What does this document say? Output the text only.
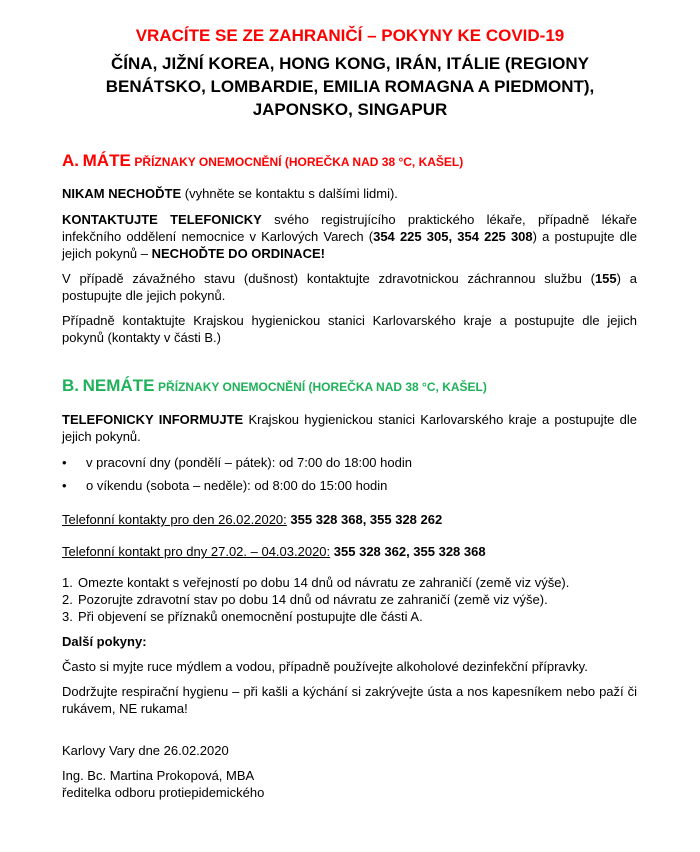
VRACÍTE SE ZE ZAHRANIČÍ – POKYNY KE COVID-19
ČÍNA, JIŽNÍ KOREA, HONG KONG, IRÁN, ITÁLIE (REGIONY
BENÁTSKO, LOMBARDIE, EMILIA ROMAGNA A PIEDMONT),
JAPONSKO, SINGAPUR
A. MÁTE PŘÍZNAKY ONEMOCNĚNÍ (HOREČKA NAD 38 °C, KAŠEL)
NIKAM NECHOĎTE (vyhněte se kontaktu s dalšími lidmi).
KONTAKTUJTE TELEFONICKY svého registrujícího praktického lékaře, případně lékaře infekčního oddělení nemocnice v Karlových Varech (354 225 305, 354 225 308) a postupujte dle jejich pokynů – NECHOĎTE DO ORDINACE!
V případě závažného stavu (dušnost) kontaktujte zdravotnickou záchrannou službu (155) a postupujte dle jejich pokynů.
Případně kontaktujte Krajskou hygienickou stanici Karlovarského kraje a postupujte dle jejich pokynů (kontakty v části B.)
B. NEMÁTE PŘÍZNAKY ONEMOCNĚNÍ (HOREČKA NAD 38 °C, KAŠEL)
TELEFONICKY INFORMUJTE Krajskou hygienickou stanici Karlovarského kraje a postupujte dle jejich pokynů.
•	v pracovní dny (pondělí – pátek): od 7:00 do 18:00 hodin
•	o víkendu (sobota – neděle): od 8:00 do 15:00 hodin
Telefonní kontakty pro den 26.02.2020: 355 328 368, 355 328 262
Telefonní kontakt pro dny 27.02. – 04.03.2020: 355 328 362, 355 328 368
1. Omezte kontakt s veřejností po dobu 14 dnů od návratu ze zahraničí (země viz výše).
2. Pozorujte zdravotní stav po dobu 14 dnů od návratu ze zahraničí (země viz výše).
3. Při objevení se příznaků onemocnění postupujte dle části A.
Další pokyny:
Často si myjte ruce mýdlem a vodou, případně používejte alkoholové dezinfekční přípravky.
Dodržujte respirační hygienu – při kašli a kýchání si zakrývejte ústa a nos kapesníkem nebo paží či rukávem, NE rukama!
Karlovy Vary dne 26.02.2020
Ing. Bc. Martina Prokopová, MBA
ředitelka odboru protiepidemického
